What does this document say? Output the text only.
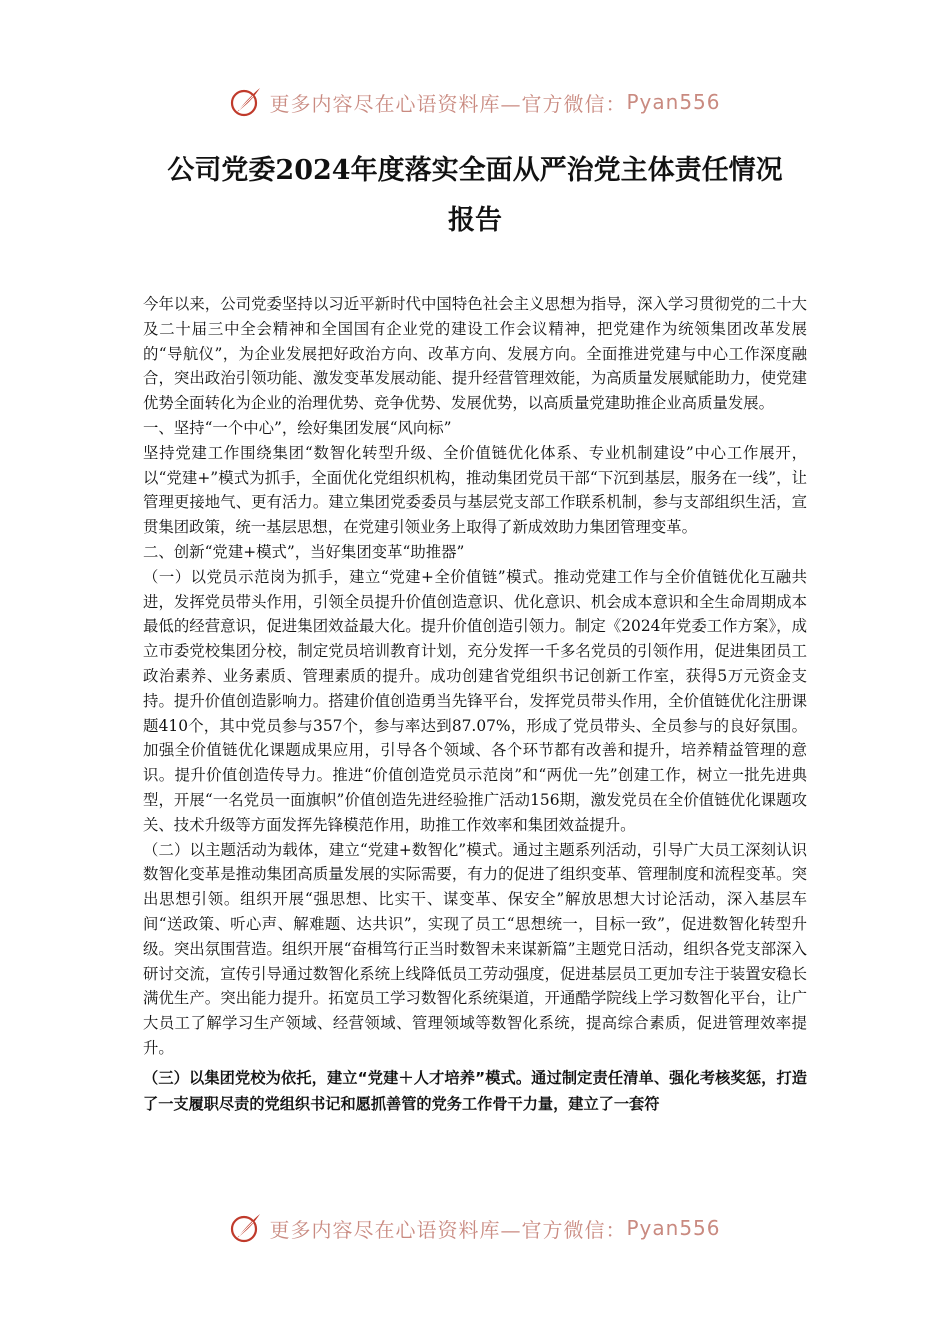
更多内容尽在心语资料库—官方微信： Pyan556
公司党委2024年度落实全面从严治党主体责任情况
报告

今年以来，公司党委坚持以习近平新时代中国特色社会主义思想为指导，深入学习贯彻党的二十大及二十届三中全会精神和全国国有企业党的建设工作会议精神，把党建作为统领集团改革发展的“导航仪”，为企业发展把好政治方向、改革方向、发展方向。全面推进党建与中心工作深度融合，突出政治引领功能、激发变革发展动能、提升经营管理效能，为高质量发展赋能助力，使党建优势全面转化为企业的治理优势、竞争优势、发展优势，以高质量党建助推企业高质量发展。

一、坚持“一个中心”，绘好集团发展“风向标”

坚持党建工作围绕集团“数智化转型升级、全价值链优化体系、专业机制建设”中心工作展开，以“党建+”模式为抓手，全面优化党组织机构，推动集团党员干部“下沉到基层，服务在一线”，让管理更接地气、更有活力。建立集团党委委员与基层党支部工作联系机制，参与支部组织生活，宣贯集团政策，统一基层思想，在党建引领业务上取得了新成效助力集团管理变革。

二、创新“党建+模式”，当好集团变革“助推器”

（一）以党员示范岗为抓手，建立“党建+全价值链”模式。推动党建工作与全价值链优化互融共进，发挥党员带头作用，引领全员提升价值创造意识、优化意识、机会成本意识和全生命周期成本最低的经营意识，促进集团效益最大化。提升价值创造引领力。制定《2024年党委工作方案》，成立市委党校集团分校，制定党员培训教育计划，充分发挥一千多名党员的引领作用，促进集团员工政治素养、业务素质、管理素质的提升。成功创建省党组织书记创新工作室，获得5万元资金支持。提升价值创造影响力。搭建价值创造勇当先锋平台，发挥党员带头作用，全价值链优化注册课题410个，其中党员参与357个，参与率达到87.07%，形成了党员带头、全员参与的良好氛围。加强全价值链优化课题成果应用，引导各个领域、各个环节都有改善和提升，培养精益管理的意识。提升价值创造传导力。推进“价值创造党员示范岗”和“两优一先”创建工作，树立一批先进典型，开展“一名党员一面旗帜”价值创造先进经验推广活动156期，激发党员在全价值链优化课题攻关、技术升级等方面发挥先锋模范作用，助推工作效率和集团效益提升。

（二）以主题活动为载体，建立“党建+数智化”模式。通过主题系列活动，引导广大员工深刻认识数智化变革是推动集团高质量发展的实际需要，有力的促进了组织变革、管理制度和流程变革。突出思想引领。组织开展“强思想、比实干、谋变革、保安全”解放思想大讨论活动，深入基层车间“送政策、听心声、解难题、达共识”，实现了员工“思想统一，目标一致”，促进数智化转型升级。突出氛围营造。组织开展“奋楫笃行正当时数智未来谋新篇”主题党日活动，组织各党支部深入研讨交流，宣传引导通过数智化系统上线降低员工劳动强度，促进基层员工更加专注于装置安稳长满优生产。突出能力提升。拓宽员工学习数智化系统渠道，开通酷学院线上学习数智化平台，让广大员工了解学习生产领域、经营领域、管理领域等数智化系统，提高综合素质，促进管理效率提升。

（三）以集团党校为依托，建立“党建＋人才培养”模式。通过制定责任清单、强化考核奖惩，打造了一支履职尽责的党组织书记和愿抓善管的党务工作骨干力量，建立了一套符

更多内容尽在心语资料库—官方微信： Pyan556
